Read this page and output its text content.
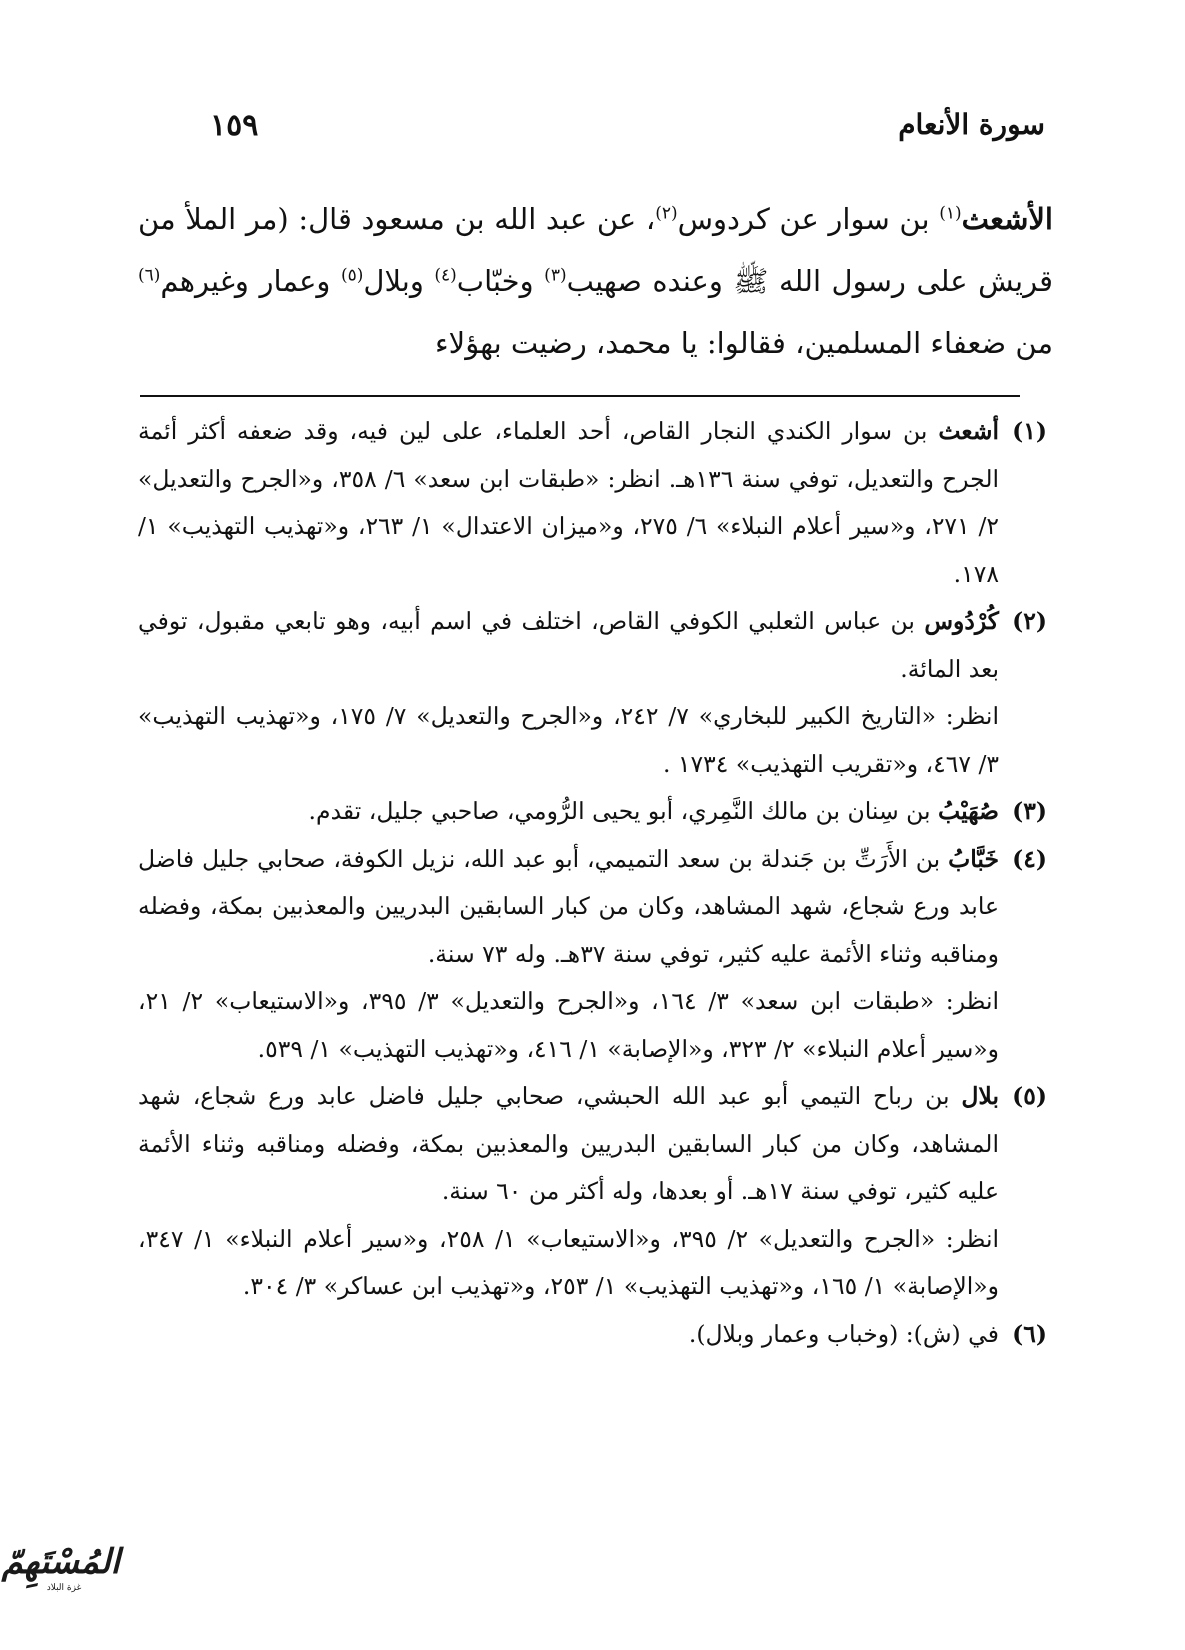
١٥٩	سورة الأنعام
الأشعث$^{(١)}$ بن سوار عن كردوس$^{(٢)}$، عن عبد الله بن مسعود قال: (مر الملأ من قريش على رسول الله ﷺ وعنده صهيب$^{(٣)}$ وخبّاب$^{(٤)}$ وبلال$^{(٥)}$ وعمار وغيرهم$^{(٦)}$ من ضعفاء المسلمين، فقالوا: يا محمد، رضيت بهؤلاء
(١)
أشعث بن سوار الكندي النجار القاص، أحد العلماء، على لين فيه، وقد ضعفه أكثر أئمة الجرح والتعديل، توفي سنة ١٣٦هـ. انظر: «طبقات ابن سعد» ٦/ ٣٥٨، و«الجرح والتعديل» ٢/ ٢٧١، و«سير أعلام النبلاء» ٦/ ٢٧٥، و«ميزان الاعتدال» ١/ ٢٦٣، و«تهذيب التهذيب» ١/ ١٧٨.
(٢)
كُرْدُوس بن عباس الثعلبي الكوفي القاص، اختلف في اسم أبيه، وهو تابعي مقبول، توفي بعد المائة.
انظر: «التاريخ الكبير للبخاري» ٧/ ٢٤٢، و«الجرح والتعديل» ٧/ ١٧٥، و«تهذيب التهذيب» ٣/ ٤٦٧، و«تقريب التهذيب» ١٧٣٤ .
(٣)
صُهَيْبُ بن سِنان بن مالك النَّمِري، أبو يحيى الرُّومي، صاحبي جليل، تقدم.
(٤)
خَبَّابُ بن الأَرَتِّ بن جَندلة بن سعد التميمي، أبو عبد الله، نزيل الكوفة، صحابي جليل فاضل عابد ورع شجاع، شهد المشاهد، وكان من كبار السابقين البدريين والمعذبين بمكة، وفضله ومناقبه وثناء الأئمة عليه كثير، توفي سنة ٣٧هـ. وله ٧٣ سنة.
انظر: «طبقات ابن سعد» ٣/ ١٦٤، و«الجرح والتعديل» ٣/ ٣٩٥، و«الاستيعاب» ٢/ ٢١، و«سير أعلام النبلاء» ٢/ ٣٢٣، و«الإصابة» ١/ ٤١٦، و«تهذيب التهذيب» ١/ ٥٣٩.
(٥)
بلال بن رباح التيمي أبو عبد الله الحبشي، صحابي جليل فاضل عابد ورع شجاع، شهد المشاهد، وكان من كبار السابقين البدريين والمعذبين بمكة، وفضله ومناقبه وثناء الأئمة عليه كثير، توفي سنة ١٧هـ. أو بعدها، وله أكثر من ٦٠ سنة.
انظر: «الجرح والتعديل» ٢/ ٣٩٥، و«الاستيعاب» ١/ ٢٥٨، و«سير أعلام النبلاء» ١/ ٣٤٧، و«الإصابة» ١/ ١٦٥، و«تهذيب التهذيب» ١/ ٢٥٣، و«تهذيب ابن عساكر» ٣/ ٣٠٤.
(٦)
في (ش): (وخباب وعمار وبلال).
المُسْتَهِمّ
غزة البلاد
